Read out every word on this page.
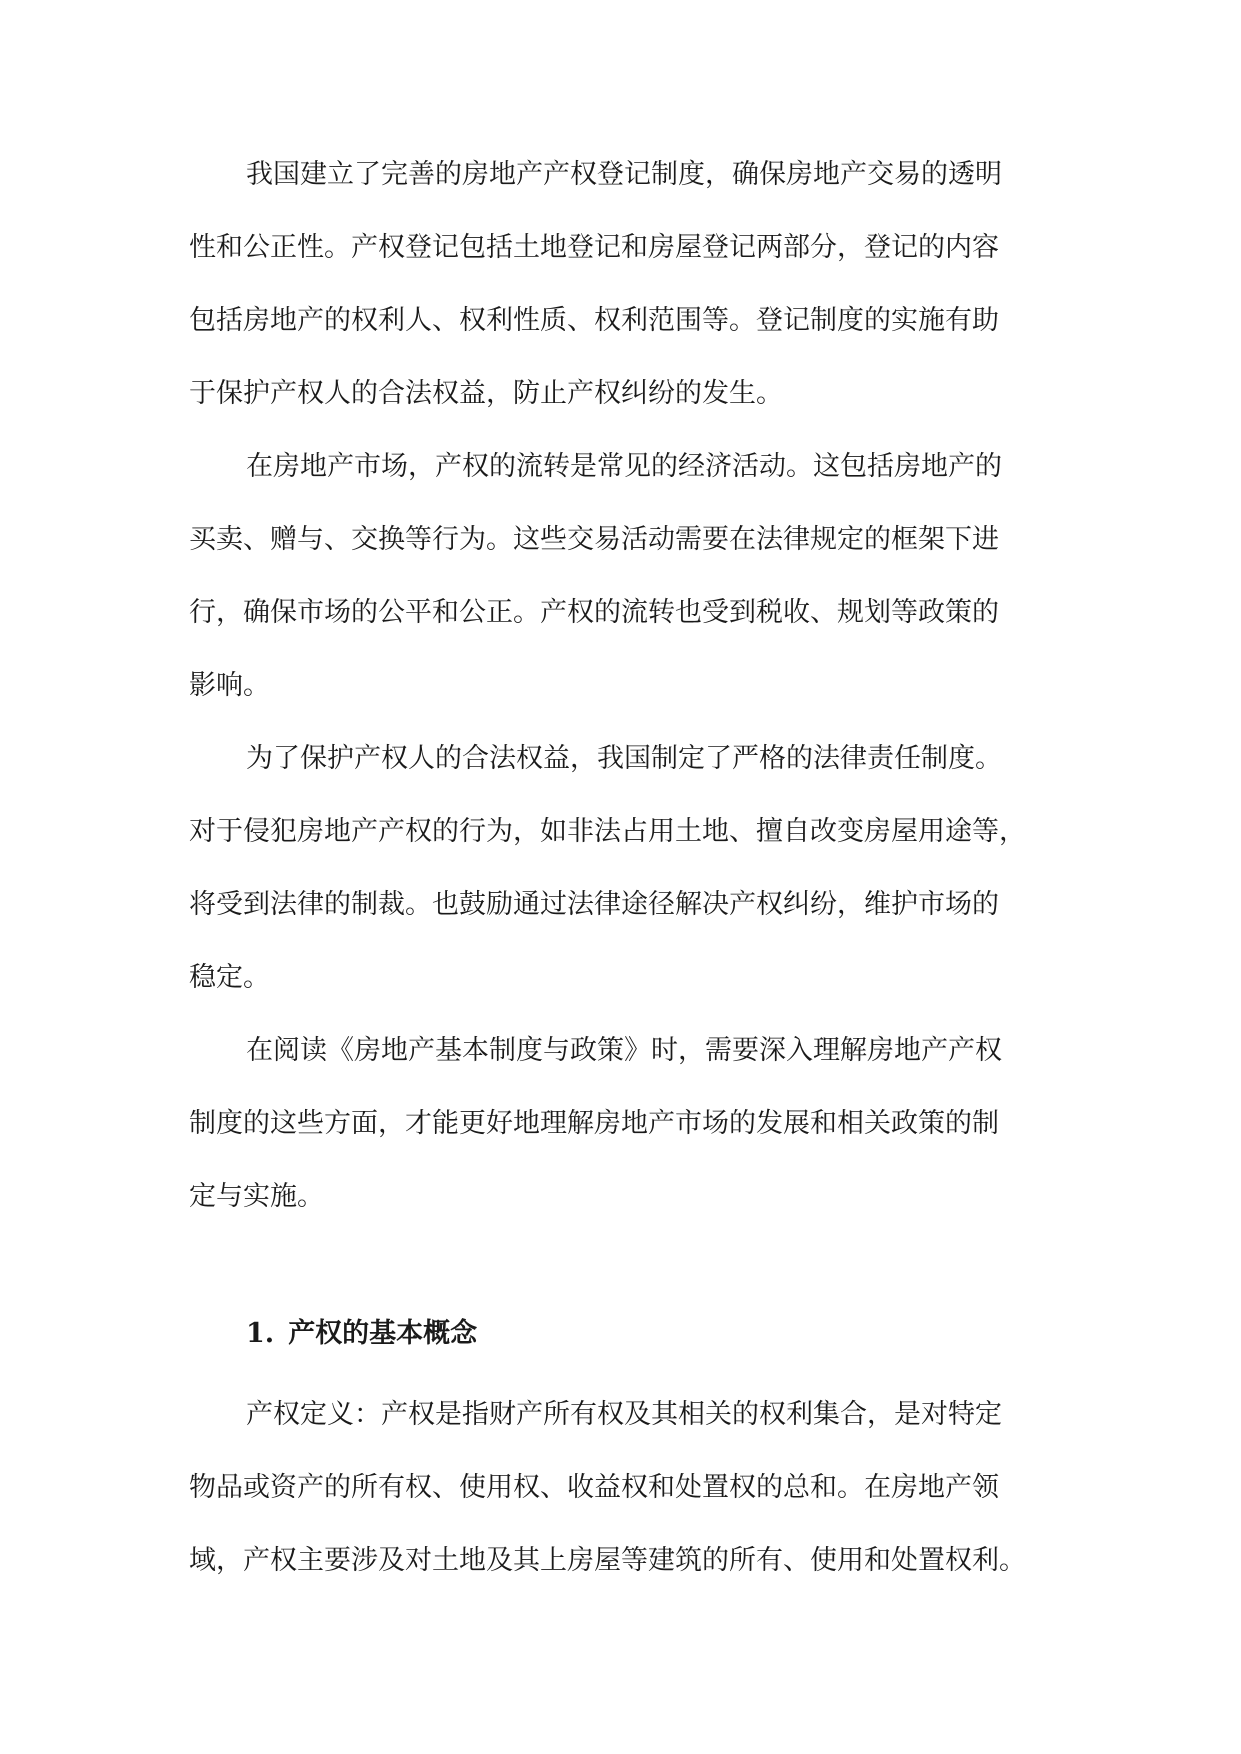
我国建立了完善的房地产产权登记制度，确保房地产交易的透明
性和公正性。产权登记包括土地登记和房屋登记两部分，登记的内容
包括房地产的权利人、权利性质、权利范围等。登记制度的实施有助
于保护产权人的合法权益，防止产权纠纷的发生。

在房地产市场，产权的流转是常见的经济活动。这包括房地产的
买卖、赠与、交换等行为。这些交易活动需要在法律规定的框架下进
行，确保市场的公平和公正。产权的流转也受到税收、规划等政策的
影响。

为了保护产权人的合法权益，我国制定了严格的法律责任制度。
对于侵犯房地产产权的行为，如非法占用土地、擅自改变房屋用途等，
将受到法律的制裁。也鼓励通过法律途径解决产权纠纷，维护市场的
稳定。

在阅读《房地产基本制度与政策》时，需要深入理解房地产产权
制度的这些方面，才能更好地理解房地产市场的发展和相关政策的制
定与实施。

1. 产权的基本概念

产权定义：产权是指财产所有权及其相关的权利集合，是对特定
物品或资产的所有权、使用权、收益权和处置权的总和。在房地产领
域，产权主要涉及对土地及其上房屋等建筑的所有、使用和处置权利。
